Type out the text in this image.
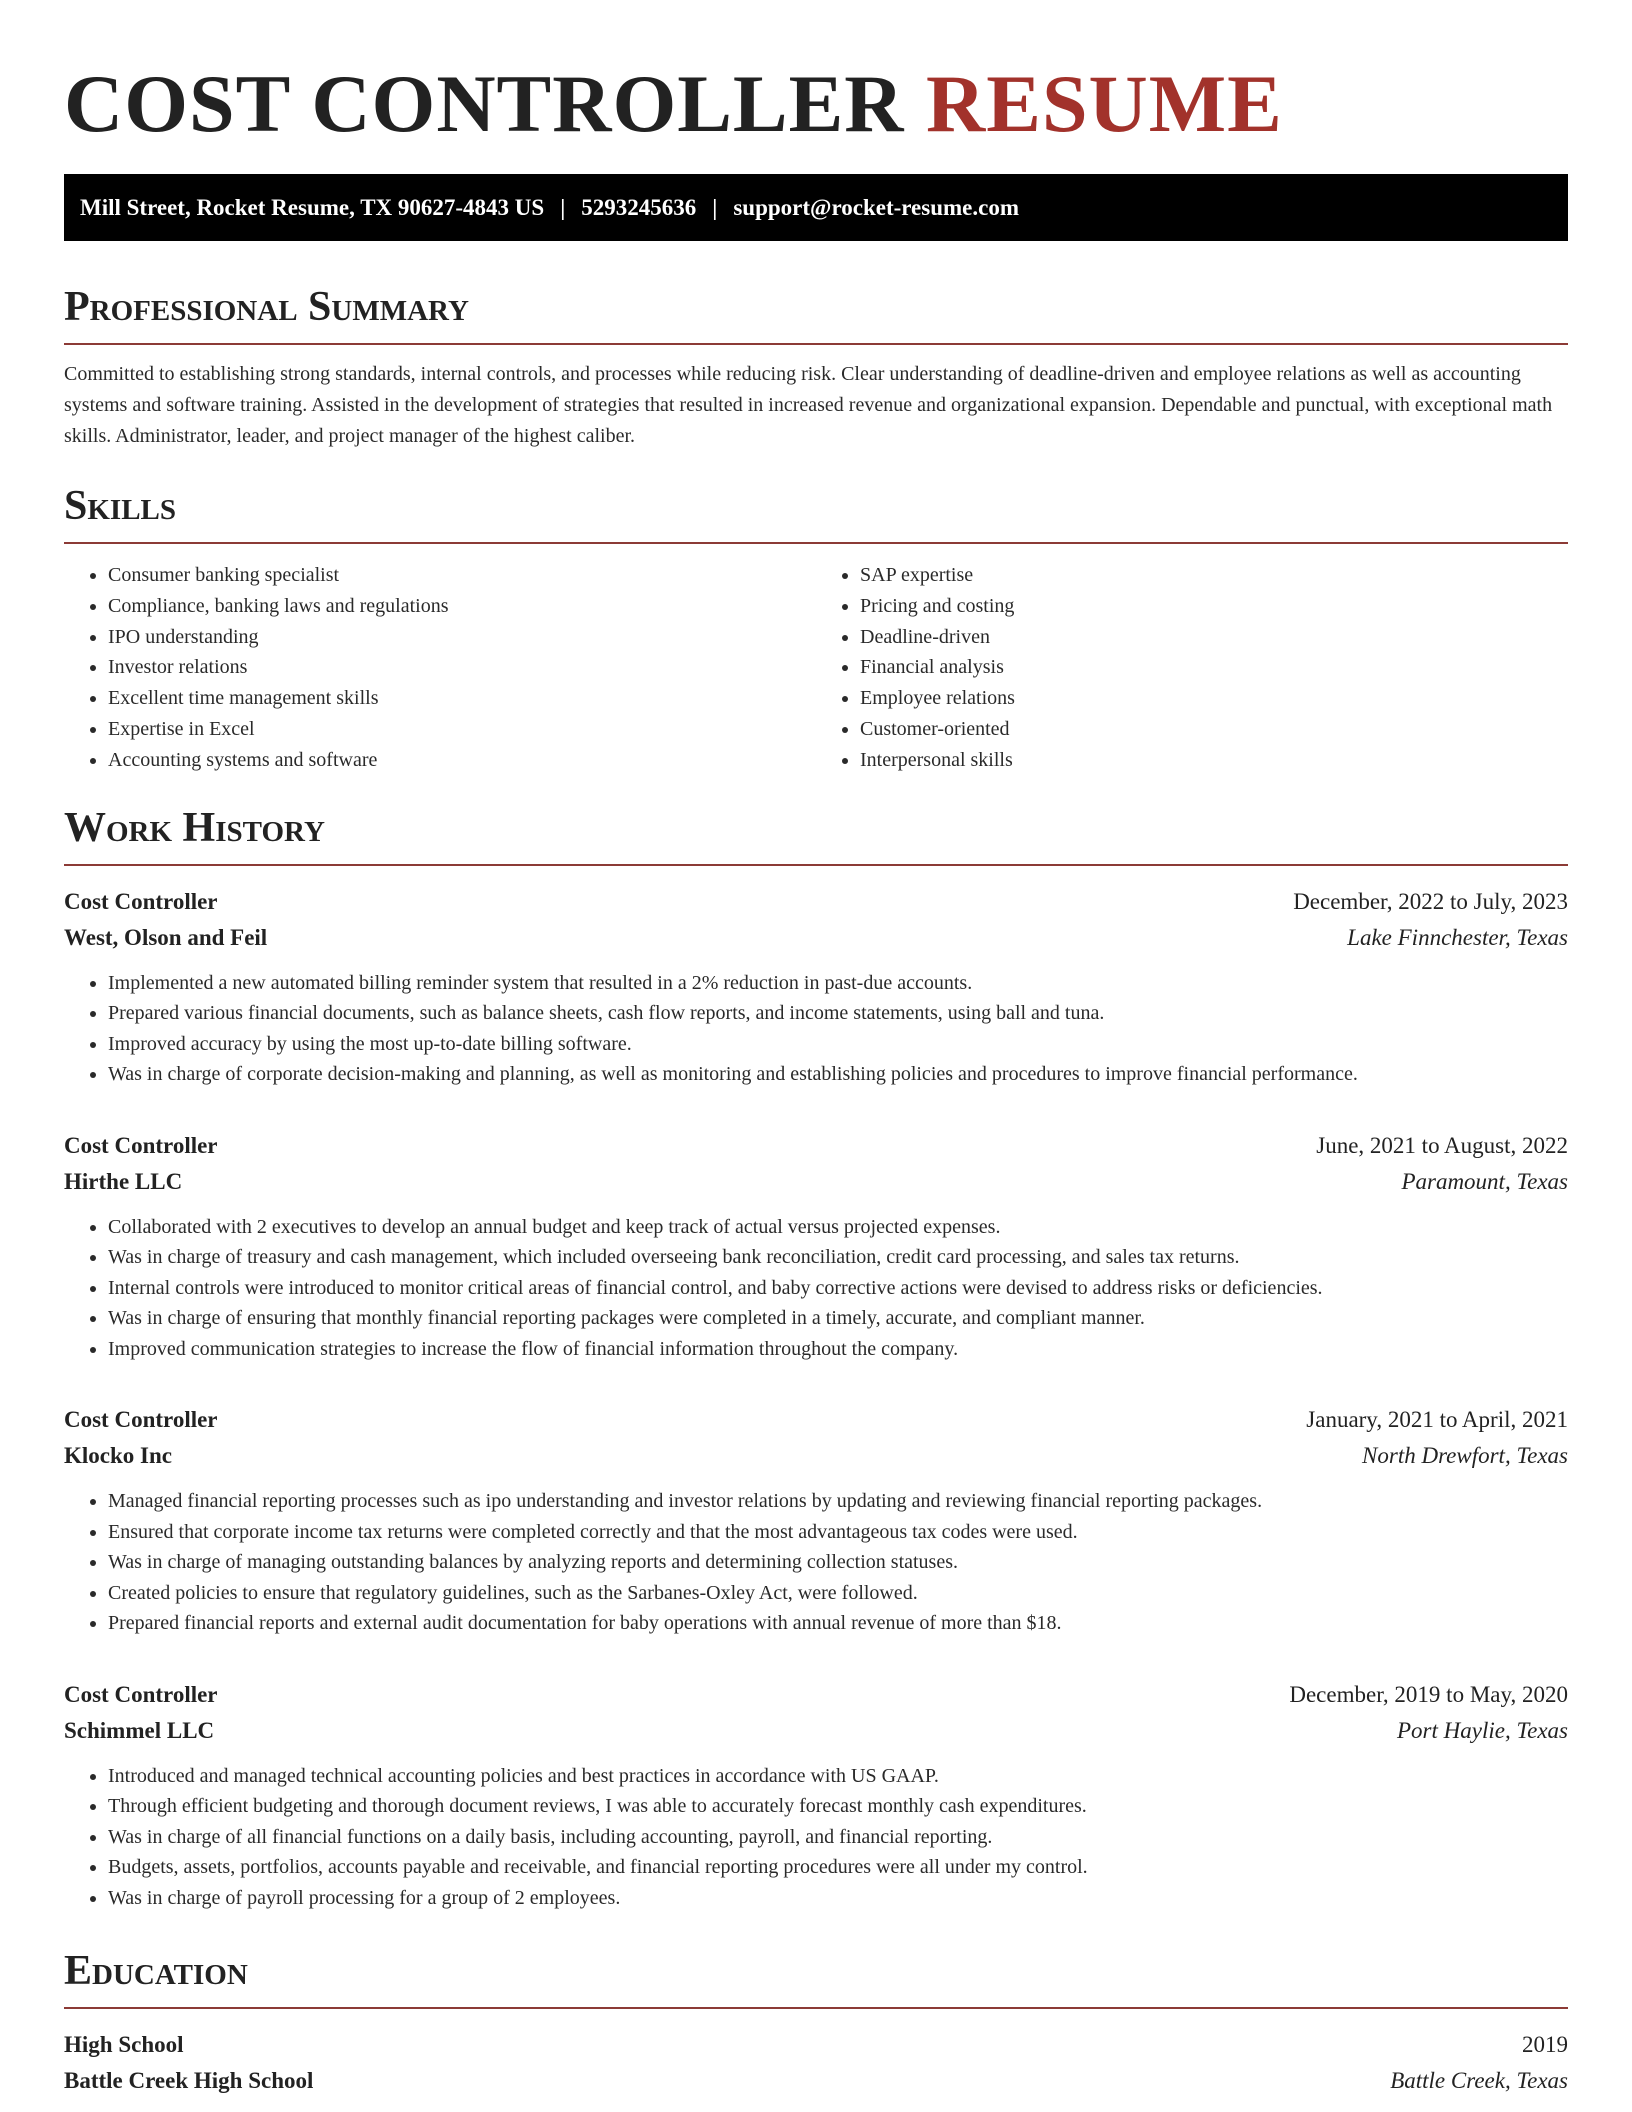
COST CONTROLLER RESUME
Mill Street, Rocket Resume, TX 90627-4843 US | 5293245636 | support@rocket-resume.com
Professional Summary

Committed to establishing strong standards, internal controls, and processes while reducing risk. Clear understanding of deadline-driven and employee relations as well as accounting systems and software training. Assisted in the development of strategies that resulted in increased revenue and organizational expansion. Dependable and punctual, with exceptional math skills. Administrator, leader, and project manager of the highest caliber.

Skills
• Consumer banking specialist
• Compliance, banking laws and regulations
• IPO understanding
• Investor relations
• Excellent time management skills
• Expertise in Excel
• Accounting systems and software
• SAP expertise
• Pricing and costing
• Deadline-driven
• Financial analysis
• Employee relations
• Customer-oriented
• Interpersonal skills
Work History
Cost Controller	December, 2022 to July, 2023
West, Olson and Feil	Lake Finnchester, Texas
• Implemented a new automated billing reminder system that resulted in a 2% reduction in past-due accounts.
• Prepared various financial documents, such as balance sheets, cash flow reports, and income statements, using ball and tuna.
• Improved accuracy by using the most up-to-date billing software.
• Was in charge of corporate decision-making and planning, as well as monitoring and establishing policies and procedures to improve financial performance.
Cost Controller	June, 2021 to August, 2022
Hirthe LLC	Paramount, Texas
• Collaborated with 2 executives to develop an annual budget and keep track of actual versus projected expenses.
• Was in charge of treasury and cash management, which included overseeing bank reconciliation, credit card processing, and sales tax returns.
• Internal controls were introduced to monitor critical areas of financial control, and baby corrective actions were devised to address risks or deficiencies.
• Was in charge of ensuring that monthly financial reporting packages were completed in a timely, accurate, and compliant manner.
• Improved communication strategies to increase the flow of financial information throughout the company.
Cost Controller	January, 2021 to April, 2021
Klocko Inc	North Drewfort, Texas
• Managed financial reporting processes such as ipo understanding and investor relations by updating and reviewing financial reporting packages.
• Ensured that corporate income tax returns were completed correctly and that the most advantageous tax codes were used.
• Was in charge of managing outstanding balances by analyzing reports and determining collection statuses.
• Created policies to ensure that regulatory guidelines, such as the Sarbanes-Oxley Act, were followed.
• Prepared financial reports and external audit documentation for baby operations with annual revenue of more than $18.
Cost Controller	December, 2019 to May, 2020
Schimmel LLC	Port Haylie, Texas
• Introduced and managed technical accounting policies and best practices in accordance with US GAAP.
• Through efficient budgeting and thorough document reviews, I was able to accurately forecast monthly cash expenditures.
• Was in charge of all financial functions on a daily basis, including accounting, payroll, and financial reporting.
• Budgets, assets, portfolios, accounts payable and receivable, and financial reporting procedures were all under my control.
• Was in charge of payroll processing for a group of 2 employees.
Education
High School	2019
Battle Creek High School	Battle Creek, Texas
